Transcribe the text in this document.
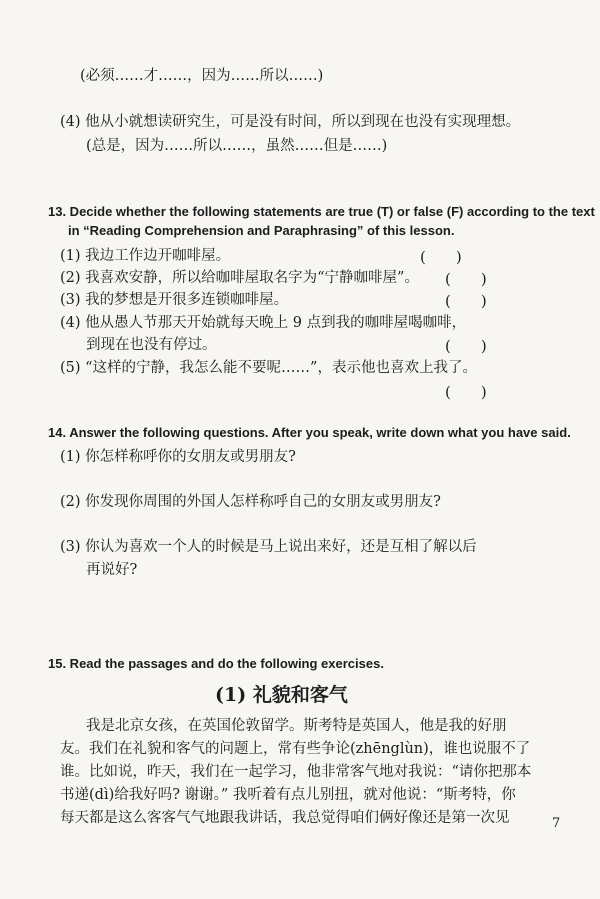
(必须……才……，因为……所以……)
(4) 他从小就想读研究生，可是没有时间，所以到现在也没有实现理想。
(总是，因为……所以……，虽然……但是……)
13. Decide whether the following statements are true (T) or false (F) according to the text
in “Reading Comprehension and Paraphrasing” of this lesson.
(1) 我边工作边开咖啡屋。	(　　)
(2) 我喜欢安静，所以给咖啡屋取名字为“宁静咖啡屋”。 (　　)
(3) 我的梦想是开很多连锁咖啡屋。	(　　)
(4) 他从愚人节那天开始就每天晚上 9 点到我的咖啡屋喝咖啡，
到现在也没有停过。	(　　)
(5) “这样的宁静，我怎么能不要呢……”，表示他也喜欢上我了。
(　　)
14. Answer the following questions. After you speak, write down what you have said.
(1) 你怎样称呼你的女朋友或男朋友?
(2) 你发现你周围的外国人怎样称呼自己的女朋友或男朋友?
(3) 你认为喜欢一个人的时候是马上说出来好，还是互相了解以后
再说好?
15. Read the passages and do the following exercises.
(1) 礼貌和客气
我是北京女孩，在英国伦敦留学。斯考特是英国人，他是我的好朋
友。我们在礼貌和客气的问题上，常有些争论(zhēnglùn)，谁也说服不了
谁。比如说，昨天，我们在一起学习，他非常客气地对我说：“请你把那本
书递(dì)给我好吗? 谢谢。” 我听着有点儿别扭，就对他说：“斯考特，你
每天都是这么客客气气地跟我讲话，我总觉得咱们俩好像还是第一次见	7
